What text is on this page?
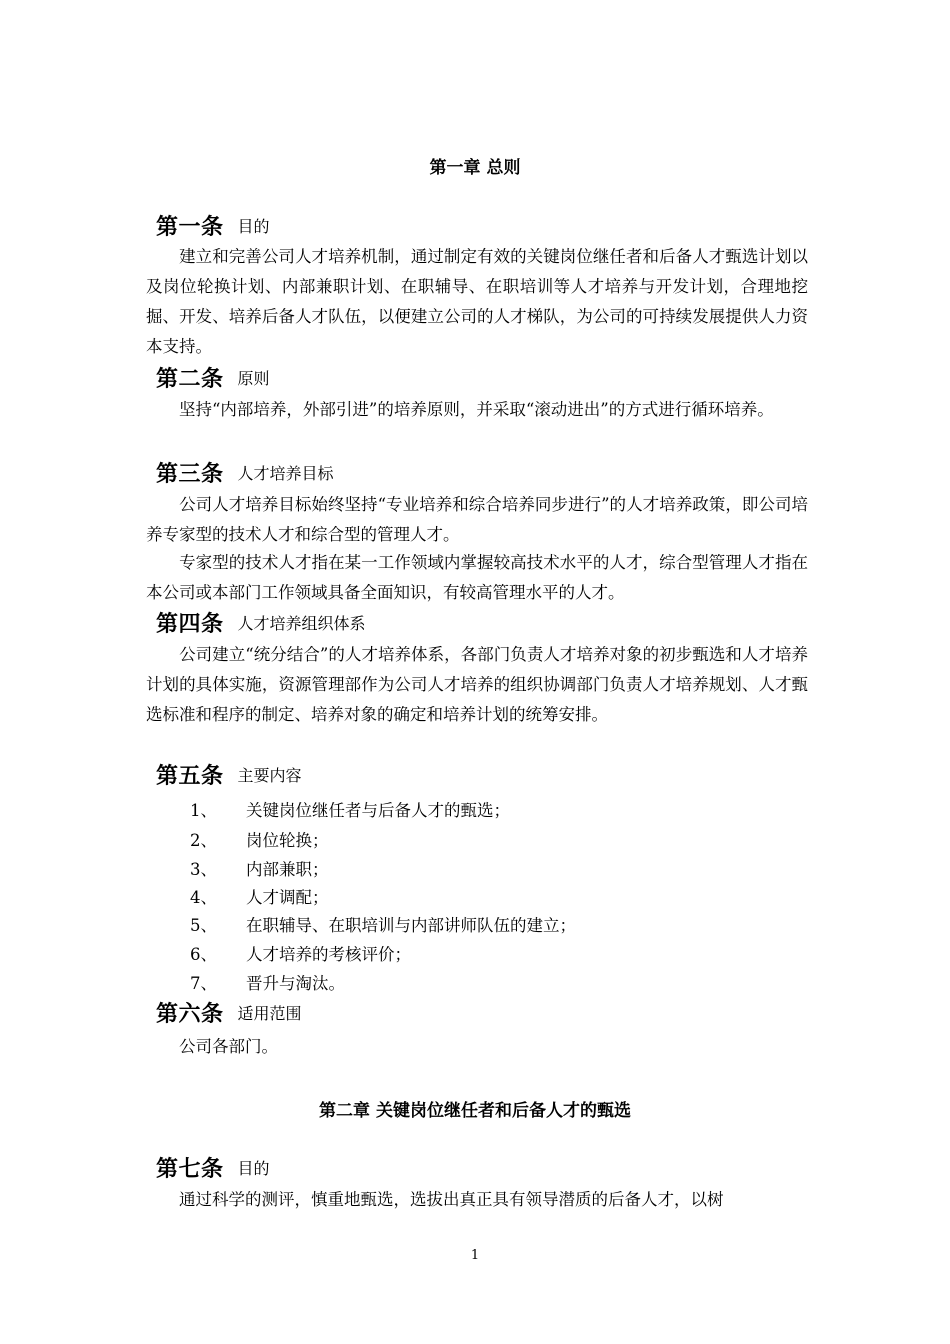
第一章 总则
第一条 目的

　　建立和完善公司人才培养机制，通过制定有效的关键岗位继任者和后备人才甄选计划以及岗位轮换计划、内部兼职计划、在职辅导、在职培训等人才培养与开发计划，合理地挖掘、开发、培养后备人才队伍，以便建立公司的人才梯队，为公司的可持续发展提供人力资本支持。

第二条 原则

　　坚持“内部培养，外部引进”的培养原则，并采取“滚动进出”的方式进行循环培养。

第三条 人才培养目标

　　公司人才培养目标始终坚持“专业培养和综合培养同步进行”的人才培养政策，即公司培养专家型的技术人才和综合型的管理人才。

　　专家型的技术人才指在某一工作领域内掌握较高技术水平的人才，综合型管理人才指在本公司或本部门工作领域具备全面知识，有较高管理水平的人才。

第四条 人才培养组织体系

　　公司建立“统分结合”的人才培养体系，各部门负责人才培养对象的初步甄选和人才培养计划的具体实施，资源管理部作为公司人才培养的组织协调部门负责人才培养规划、人才甄选标准和程序的制定、培养对象的确定和培养计划的统筹安排。

第五条 主要内容
1、 关键岗位继任者与后备人才的甄选；
2、 岗位轮换；
3、 内部兼职；
4、 人才调配；
5、 在职辅导、在职培训与内部讲师队伍的建立；
6、 人才培养的考核评价；
7、 晋升与淘汰。
第六条 适用范围

　　公司各部门。

第二章 关键岗位继任者和后备人才的甄选
第七条 目的

　　通过科学的测评，慎重地甄选，选拔出真正具有领导潜质的后备人才，以树

1
